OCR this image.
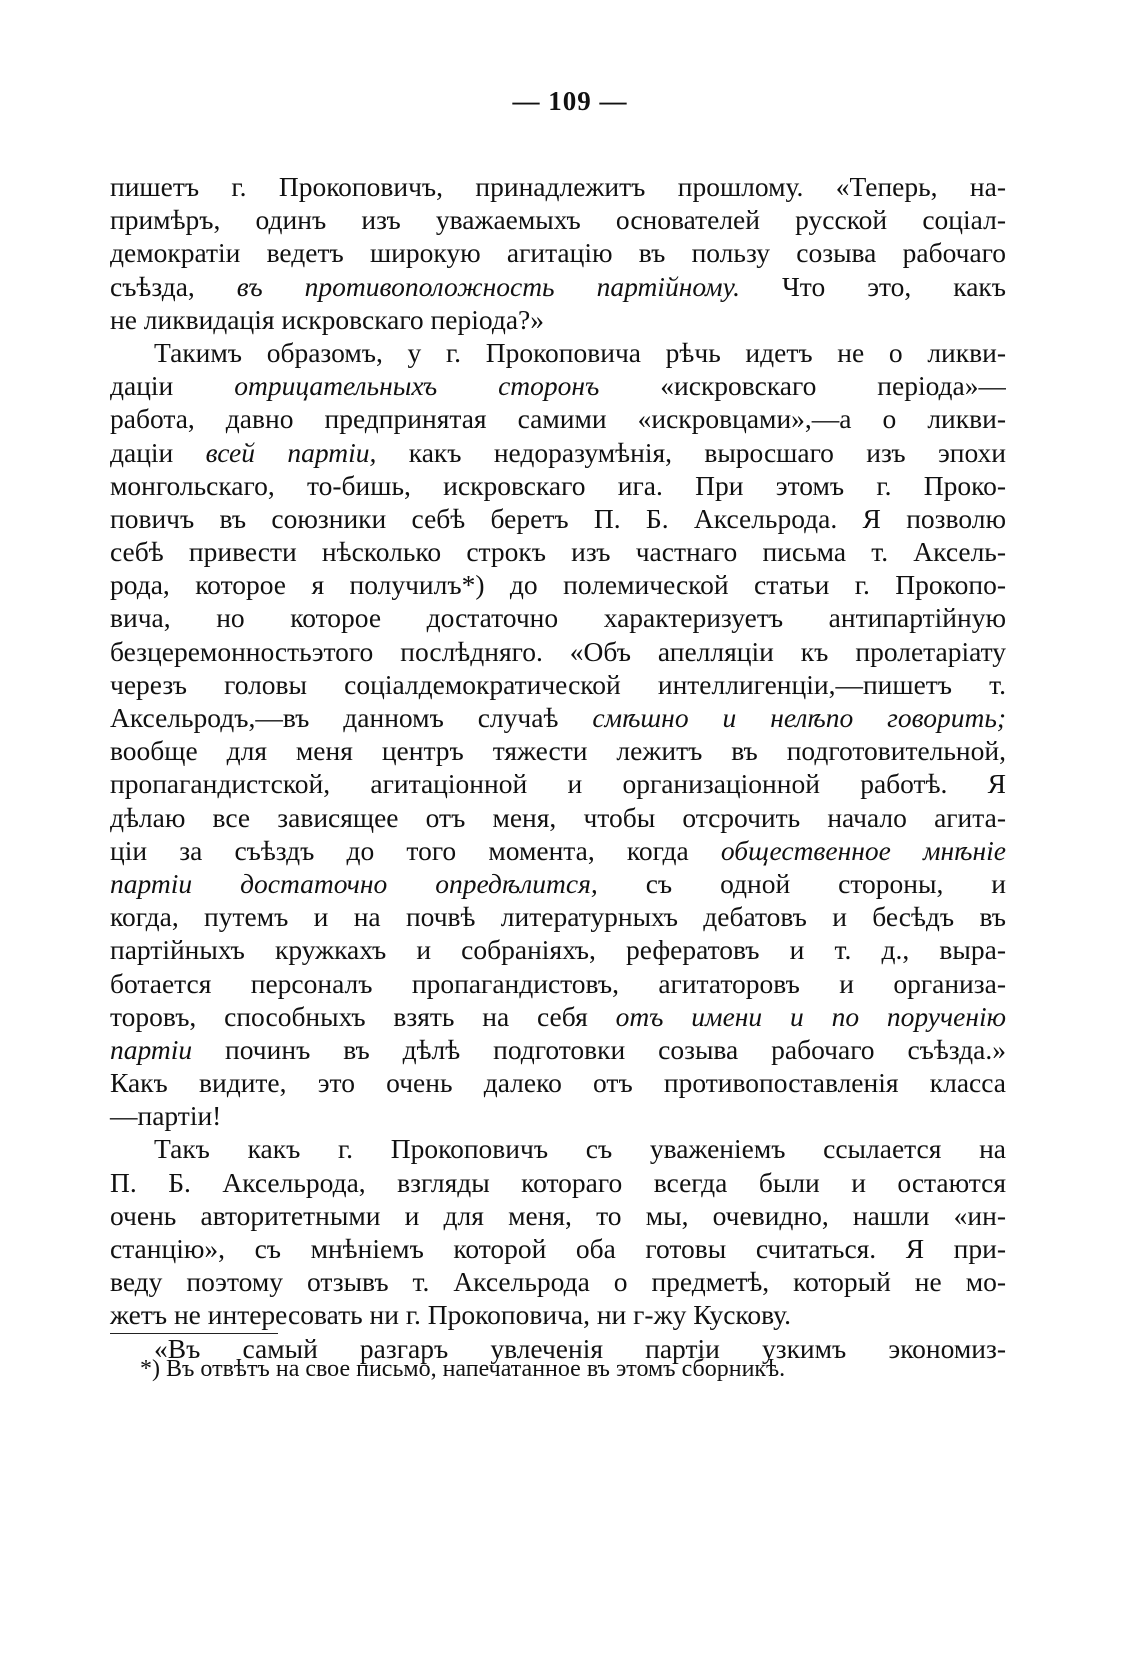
— 109 —
пишетъ г. Прокоповичъ, принадлежитъ прошлому. «Теперь, на-
примѣръ, одинъ изъ уважаемыхъ основателей русской соціал-
демократіи ведетъ широкую агитацію въ пользу созыва рабочаго
съѣзда, въ противоположность партійному. Что это, какъ
не ликвидація искровскаго періода?»
Такимъ образомъ, у г. Прокоповича рѣчь идетъ не о ликви-
даціи отрицательныхъ сторонъ «искровскаго періода»—
работа, давно предпринятая самими «искровцами»,—а о ликви-
даціи всей партіи, какъ недоразумѣнія, выросшаго изъ эпохи
монгольскаго, то-бишь, искровскаго ига. При этомъ г. Проко-
повичъ въ союзники себѣ беретъ П. Б. Аксельрода. Я позволю
себѣ привести нѣсколько строкъ изъ частнаго письма т. Аксель-
рода, которое я получилъ*) до полемической статьи г. Прокопо-
вича, но которое достаточно характеризуетъ антипартійную
безцеремонностьэтого послѣдняго. «Объ апелляціи къ пролетаріату
черезъ головы соціалдемократической интеллигенціи,—пишетъ т.
Аксельродъ,—въ данномъ случаѣ смѣшно и нелѣпо говорить;
вообще для меня центръ тяжести лежитъ въ подготовительной,
пропагандистской, агитаціонной и организаціонной работѣ. Я
дѣлаю все зависящее отъ меня, чтобы отсрочить начало агита-
ціи за съѣздъ до того момента, когда общественное мнѣніе
партіи достаточно опредѣлится, съ одной стороны, и
когда, путемъ и на почвѣ литературныхъ дебатовъ и бесѣдъ въ
партійныхъ кружкахъ и собраніяхъ, рефератовъ и т. д., выра-
ботается персоналъ пропагандистовъ, агитаторовъ и организа-
торовъ, способныхъ взять на себя отъ имени и по порученію
партіи починъ въ дѣлѣ подготовки созыва рабочаго съѣзда.»
Какъ видите, это очень далеко отъ противопоставленія класса
—партіи!
Такъ какъ г. Прокоповичъ съ уваженіемъ ссылается на
П. Б. Аксельрода, взгляды котораго всегда были и остаются
очень авторитетными и для меня, то мы, очевидно, нашли «ин-
станцію», съ мнѣніемъ которой оба готовы считаться. Я при-
веду поэтому отзывъ т. Аксельрода о предметѣ, который не мо-
жетъ не интересовать ни г. Прокоповича, ни г-жу Кускову.
«Въ самый разгаръ увлеченія партіи узкимъ экономиз-
*) Въ отвѣтъ на свое письмо, напечатанное въ этомъ сборникѣ.
